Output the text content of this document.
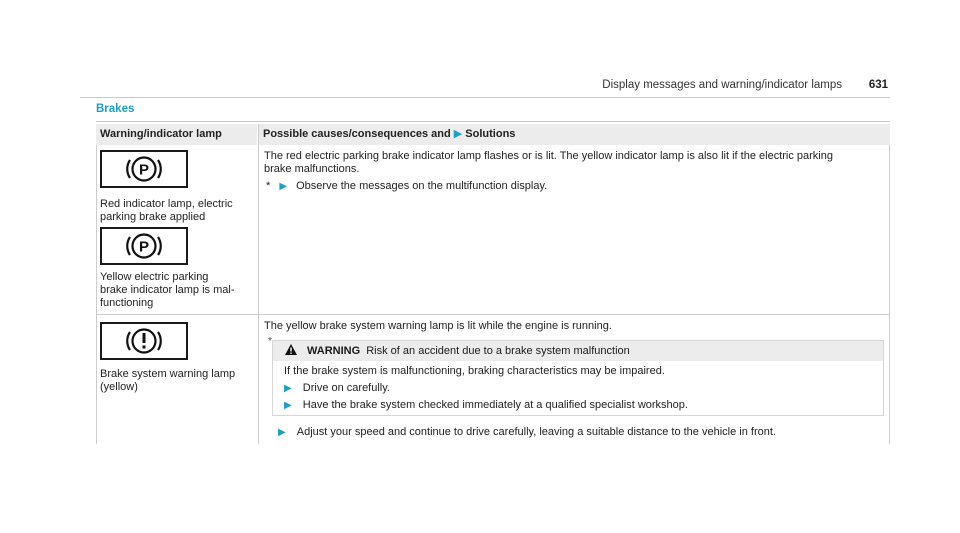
Display messages and warning/indicator lamps 631
Brakes
Warning/indicator lamp	Possible causes/consequences and ▶ Solutions
P
Red indicator lamp, electric
parking brake applied
P
Yellow electric parking
brake indicator lamp is mal-
functioning
The red electric parking brake indicator lamp flashes or is lit. The yellow indicator lamp is also lit if the electric parking
brake malfunctions.
* ▶ Observe the messages on the multifunction display.
Brake system warning lamp
(yellow)
The yellow brake system warning lamp is lit while the engine is running.
*
WARNING Risk of an accident due to a brake system malfunction
If the brake system is malfunctioning, braking characteristics may be impaired.
▶ Drive on carefully.
▶ Have the brake system checked immediately at a qualified specialist workshop.
▶ Adjust your speed and continue to drive carefully, leaving a suitable distance to the vehicle in front.
